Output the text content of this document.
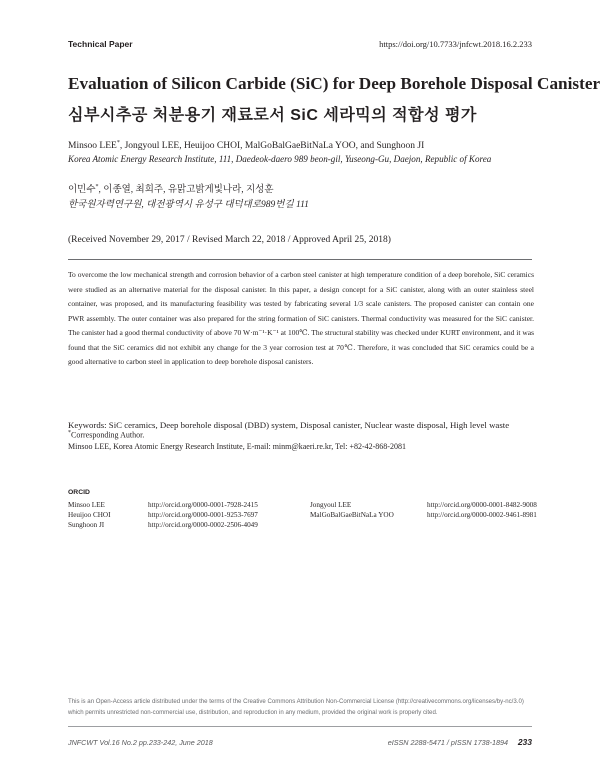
Technical Paper	https://doi.org/10.7733/jnfcwt.2018.16.2.233
Evaluation of Silicon Carbide (SiC) for Deep Borehole Disposal Canister
심부시추공 처분용기 재료로서 SiC 세라믹의 적합성 평가
Minsoo LEE*, Jongyoul LEE, Heuijoo CHOI, MalGoBalGaeBitNaLa YOO, and Sunghoon JI
Korea Atomic Energy Research Institute, 111, Daedeok-daero 989 beon-gil, Yuseong-Gu, Daejon, Republic of Korea
이민수*, 이종열, 최희주, 유맑고밝게빛나라, 지성훈
한국원자력연구원, 대전광역시 유성구 대덕대로989번길 111
(Received November 29, 2017 / Revised March 22, 2018 / Approved April 25, 2018)
To overcome the low mechanical strength and corrosion behavior of a carbon steel canister at high temperature condition of a deep borehole, SiC ceramics were studied as an alternative material for the disposal canister. In this paper, a design concept for a SiC canister, along with an outer stainless steel container, was proposed, and its manufacturing feasibility was tested by fabricating several 1/3 scale canisters. The proposed canister can contain one PWR assembly. The outer container was also prepared for the string formation of SiC canisters. Thermal conductivity was measured for the SiC canister. The canister had a good thermal conductivity of above 70 W·m⁻¹·K⁻¹ at 100℃. The structural stability was checked under KURT environment, and it was found that the SiC ceramics did not exhibit any change for the 3 year corrosion test at 70℃. Therefore, it was concluded that SiC ceramics could be a good alternative to carbon steel in application to deep borehole disposal canisters.
Keywords: SiC ceramics, Deep borehole disposal (DBD) system, Disposal canister, Nuclear waste disposal, High level waste
*Corresponding Author.
Minsoo LEE, Korea Atomic Energy Research Institute, E-mail: minm@kaeri.re.kr, Tel: +82-42-868-2081
ORCID
Minsoo LEE	http://orcid.org/0000-0001-7928-2415	Jongyoul LEE	http://orcid.org/0000-0001-8482-9008
Heuijoo CHOI	http://orcid.org/0000-0001-9253-7697	MalGoBalGaeBitNaLa YOO	http://orcid.org/0000-0002-9461-8981
Sunghoon JI	http://orcid.org/0000-0002-2506-4049
This is an Open-Access article distributed under the terms of the Creative Commons Attribution Non-Commercial License (http://creativecommons.org/licenses/by-nc/3.0) which permits unrestricted non-commercial use, distribution, and reproduction in any medium, provided the original work is properly cited.
JNFCWT Vol.16 No.2 pp.233-242, June 2018	eISSN 2288-5471 / pISSN 1738-1894 233
